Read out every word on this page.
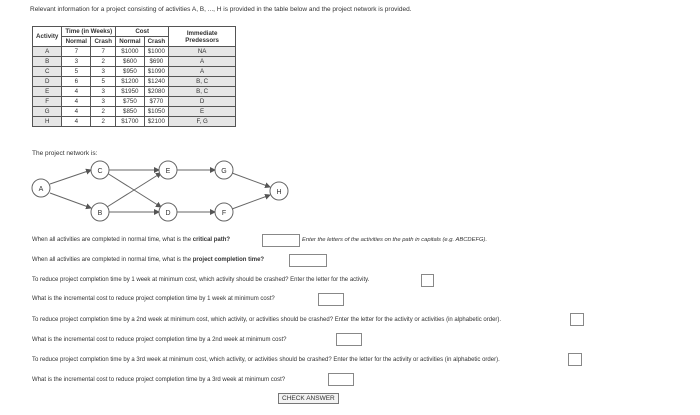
Relevant information for a project consisting of activities A, B, ..., H is provided in the table below and the project network is provided.
Activity	Time (in Weeks)		Cost		Immediate Predessors
	Normal	Crash	Normal	Crash	
A	7	7	$1000	$1000	NA
B	3	2	$600	$690	A
C	5	3	$950	$1090	A
D	6	5	$1200	$1240	B, C
E	4	3	$1950	$2080	B, C
F	4	3	$750	$770	D
G	4	2	$850	$1050	E
H	4	2	$1700	$2100	F, G
The project network is:
A
B
C
D
E
F
G
H
When all activities are completed in normal time, what is the critical path?	Enter the letters of the activities on the path in capitals (e.g. ABCDEFG).
When all activities are completed in normal time, what is the project completion time?
To reduce project completion time by 1 week at minimum cost, which activity should be crashed? Enter the letter for the activity.
What is the incremental cost to reduce project completion time by 1 week at minimum cost?
To reduce project completion time by a 2nd week at minimum cost, which activity, or activities should be crashed? Enter the letter for the activity or activities (in alphabetic order).
What is the incremental cost to reduce project completion time by a 2nd week at minimum cost?
To reduce project completion time by a 3rd week at minimum cost, which activity, or activities should be crashed? Enter the letter for the activity or activities (in alphabetic order).
What is the incremental cost to reduce project completion time by a 3rd week at minimum cost?
CHECK ANSWER
